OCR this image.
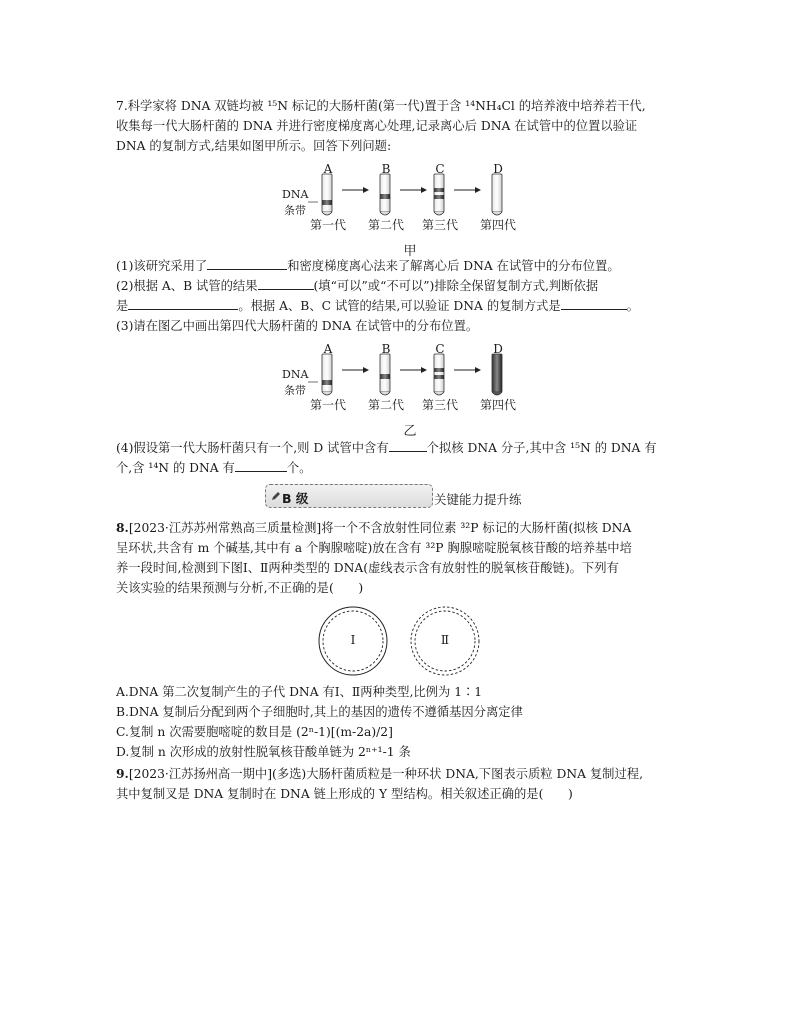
7.科学家将 DNA 双链均被 ¹⁵N 标记的大肠杆菌(第一代)置于含 ¹⁴NH₄Cl 的培养液中培养若干代,
收集每一代大肠杆菌的 DNA 并进行密度梯度离心处理,记录离心后 DNA 在试管中的位置以验证
DNA 的复制方式,结果如图甲所示。回答下列问题:
A	B	C	D
DNA
条带
第一代 第二代 第三代 第四代
甲
(1)该研究采用了	和密度梯度离心法来了解离心后 DNA 在试管中的分布位置。
(2)根据 A、B 试管的结果	(填“可以”或“不可以”)排除全保留复制方式,判断依据
是	。根据 A、B、C 试管的结果,可以验证 DNA 的复制方式是	。
(3)请在图乙中画出第四代大肠杆菌的 DNA 在试管中的分布位置。
A	B	C	D
DNA
条带
第一代 第二代 第三代 第四代
乙
(4)假设第一代大肠杆菌只有一个,则 D 试管中含有	个拟核 DNA 分子,其中含 ¹⁵N 的 DNA 有
个,含 ¹⁴N 的 DNA 有	个。
B 级	关键能力提升练
8.[2023·江苏苏州常熟高三质量检测]将一个不含放射性同位素 ³²P 标记的大肠杆菌(拟核 DNA
呈环状,共含有 m 个碱基,其中有 a 个胸腺嘧啶)放在含有 ³²P 胸腺嘧啶脱氧核苷酸的培养基中培
养一段时间,检测到下图Ⅰ、Ⅱ两种类型的 DNA(虚线表示含有放射性的脱氧核苷酸链)。下列有
关该实验的结果预测与分析,不正确的是(　　)
Ⅰ	Ⅱ
A.DNA 第二次复制产生的子代 DNA 有Ⅰ、Ⅱ两种类型,比例为 1∶1
B.DNA 复制后分配到两个子细胞时,其上的基因的遗传不遵循基因分离定律
C.复制 n 次需要胞嘧啶的数目是 (2ⁿ-1)[(m-2a)/2]
D.复制 n 次形成的放射性脱氧核苷酸单链为 2ⁿ⁺¹-1 条
9.[2023·江苏扬州高一期中](多选)大肠杆菌质粒是一种环状 DNA,下图表示质粒 DNA 复制过程,
其中复制叉是 DNA 复制时在 DNA 链上形成的 Y 型结构。相关叙述正确的是(　　)
